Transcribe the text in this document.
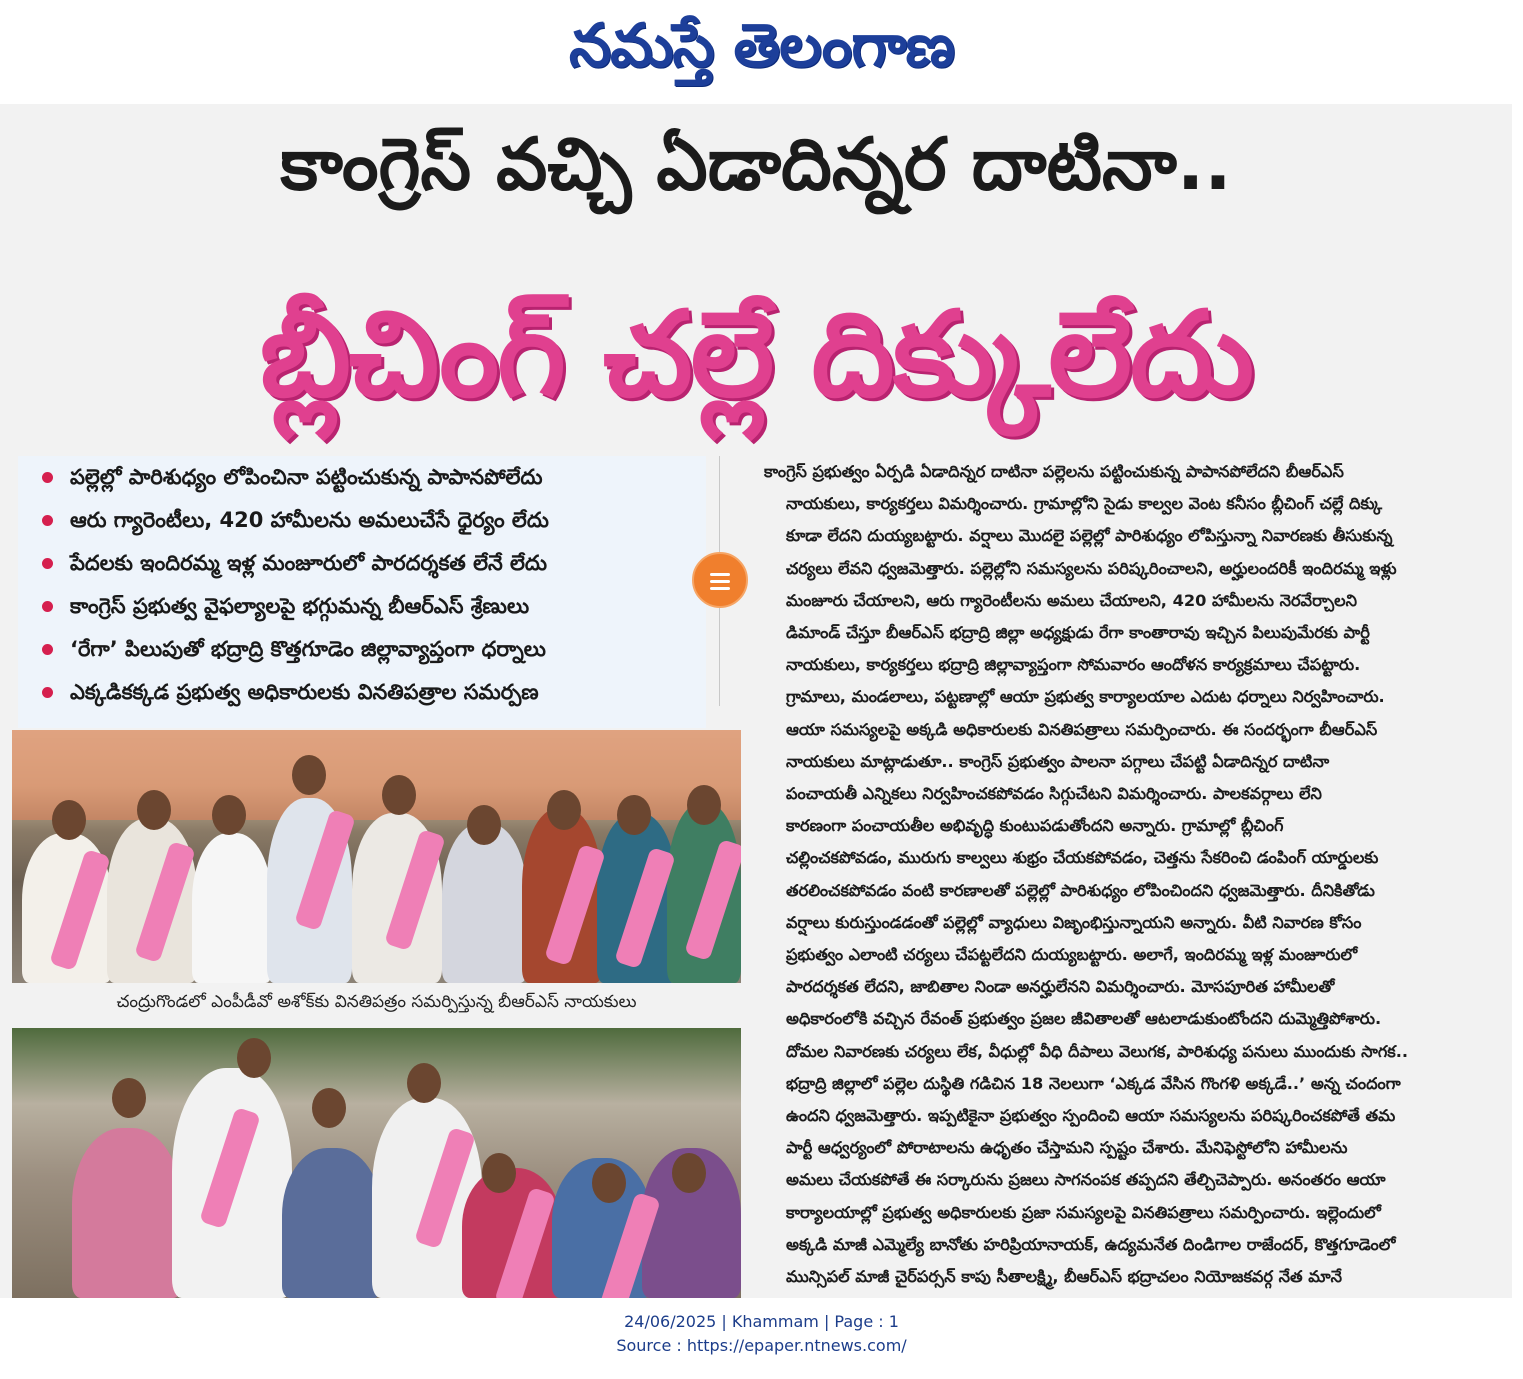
నమస్తే తెలంగాణ
కాంగ్రెస్ వచ్చి ఏడాదిన్నర దాటినా..
బ్లీచింగ్ చల్లే దిక్కులేదు
పల్లెల్లో పారిశుధ్యం లోపించినా పట్టించుకున్న పాపానపోలేదు
ఆరు గ్యారెంటీలు, 420 హామీలను అమలుచేసే ధైర్యం లేదు
పేదలకు ఇందిరమ్మ ఇళ్ల మంజూరులో పారదర్శకత లేనే లేదు
కాంగ్రెస్ ప్రభుత్వ వైఫల్యాలపై భగ్గుమన్న బీఆర్ఎస్ శ్రేణులు
‘రేగా’ పిలుపుతో భద్రాద్రి కొత్తగూడెం జిల్లావ్యాప్తంగా ధర్నాలు
ఎక్కడికక్కడ ప్రభుత్వ అధికారులకు వినతిపత్రాల సమర్పణ
చంద్రుగొండలో ఎంపీడీవో అశోక్‌కు వినతిపత్రం సమర్పిస్తున్న బీఆర్ఎస్ నాయకులు

కాంగ్రెస్ ప్రభుత్వం ఏర్పడి ఏడాదిన్నర దాటినా పల్లెలను పట్టించుకున్న పాపానపోలేదని బీఆర్ఎస్

నాయకులు, కార్యకర్తలు విమర్శించారు. గ్రామాల్లోని సైడు కాల్వల వెంట కనీసం బ్లీచింగ్ చల్లే దిక్కు

కూడా లేదని దుయ్యబట్టారు. వర్షాలు మొదలై పల్లెల్లో పారిశుధ్యం లోపిస్తున్నా నివారణకు తీసుకున్న

చర్యలు లేవని ధ్వజమెత్తారు. పల్లెల్లోని సమస్యలను పరిష్కరించాలని, అర్హులందరికీ ఇందిరమ్మ ఇళ్లు

మంజూరు చేయాలని, ఆరు గ్యారెంటీలను అమలు చేయాలని, 420 హామీలను నెరవేర్చాలని

డిమాండ్ చేస్తూ బీఆర్ఎస్ భద్రాద్రి జిల్లా అధ్యక్షుడు రేగా కాంతారావు ఇచ్చిన పిలుపుమేరకు పార్టీ

నాయకులు, కార్యకర్తలు భద్రాద్రి జిల్లావ్యాప్తంగా సోమవారం ఆందోళన కార్యక్రమాలు చేపట్టారు.

గ్రామాలు, మండలాలు, పట్టణాల్లో ఆయా ప్రభుత్వ కార్యాలయాల ఎదుట ధర్నాలు నిర్వహించారు.

ఆయా సమస్యలపై అక్కడి అధికారులకు వినతిపత్రాలు సమర్పించారు. ఈ సందర్భంగా బీఆర్ఎస్

నాయకులు మాట్లాడుతూ.. కాంగ్రెస్ ప్రభుత్వం పాలనా పగ్గాలు చేపట్టి ఏడాదిన్నర దాటినా

పంచాయతీ ఎన్నికలు నిర్వహించకపోవడం సిగ్గుచేటని విమర్శించారు. పాలకవర్గాలు లేని

కారణంగా పంచాయతీల అభివృద్ధి కుంటుపడుతోందని అన్నారు. గ్రామాల్లో బ్లీచింగ్

చల్లించకపోవడం, మురుగు కాల్వలు శుభ్రం చేయకపోవడం, చెత్తను సేకరించి డంపింగ్ యార్డులకు

తరలించకపోవడం వంటి కారణాలతో పల్లెల్లో పారిశుధ్యం లోపించిందని ధ్వజమెత్తారు. దీనికితోడు

వర్షాలు కురుస్తుండడంతో పల్లెల్లో వ్యాధులు విజృంభిస్తున్నాయని అన్నారు. వీటి నివారణ కోసం

ప్రభుత్వం ఎలాంటి చర్యలు చేపట్టలేదని దుయ్యబట్టారు. అలాగే, ఇందిరమ్మ ఇళ్ల మంజూరులో

పారదర్శకత లేదని, జాబితాల నిండా అనర్హులేనని విమర్శించారు. మోసపూరిత హామీలతో

అధికారంలోకి వచ్చిన రేవంత్ ప్రభుత్వం ప్రజల జీవితాలతో ఆటలాడుకుంటోందని దుమ్మెత్తిపోశారు.

దోమల నివారణకు చర్యలు లేక, వీధుల్లో వీధి దీపాలు వెలుగక, పారిశుధ్య పనులు ముందుకు సాగక..

భద్రాద్రి జిల్లాలో పల్లెల దుస్థితి గడిచిన 18 నెలలుగా ‘ఎక్కడ వేసిన గొంగళి అక్కడే..’ అన్న చందంగా

ఉందని ధ్వజమెత్తారు. ఇప్పటికైనా ప్రభుత్వం స్పందించి ఆయా సమస్యలను పరిష్కరించకపోతే తమ

పార్టీ ఆధ్వర్యంలో పోరాటాలను ఉధృతం చేస్తామని స్పష్టం చేశారు. మేనిఫెస్టోలోని హామీలను

అమలు చేయకపోతే ఈ సర్కారును ప్రజలు సాగనంపక తప్పదని తేల్చిచెప్పారు. అనంతరం ఆయా

కార్యాలయాల్లో ప్రభుత్వ అధికారులకు ప్రజా సమస్యలపై వినతిపత్రాలు సమర్పించారు. ఇల్లెందులో

అక్కడి మాజీ ఎమ్మెల్యే బానోతు హరిప్రియానాయక్, ఉద్యమనేత దిండిగాల రాజేందర్, కొత్తగూడెంలో

మున్సిపల్ మాజీ చైర్‌పర్సన్ కాపు సీతాలక్ష్మి, బీఆర్ఎస్ భద్రాచలం నియోజకవర్గ నేత మానే

24/06/2025 | Khammam | Page : 1
Source : https://epaper.ntnews.com/
